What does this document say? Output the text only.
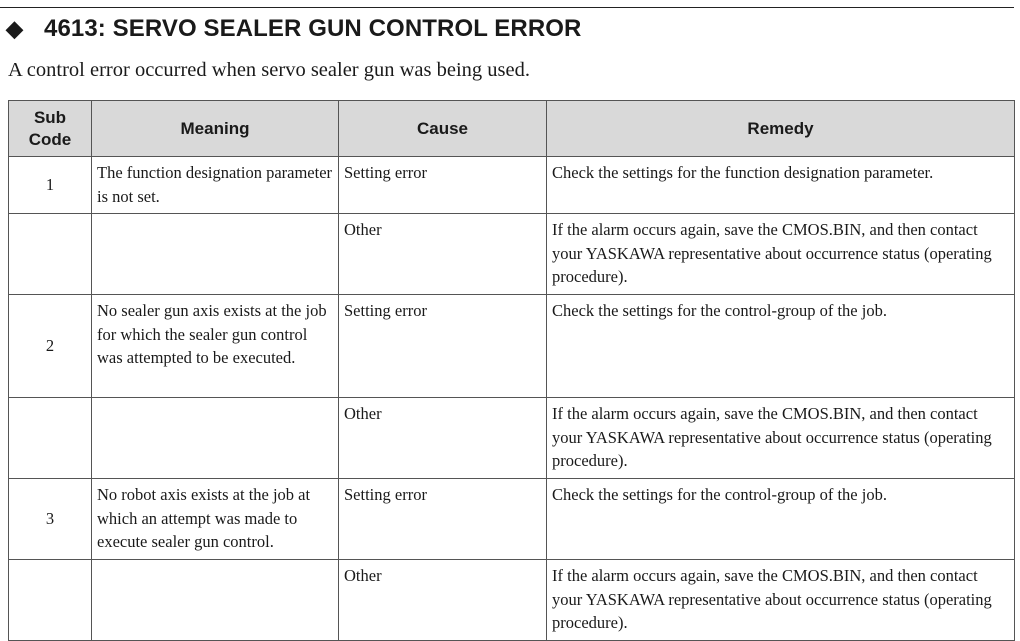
◆ 4613: SERVO SEALER GUN CONTROL ERROR
A control error occurred when servo sealer gun was being used.
Sub
Code	Meaning	Cause	Remedy
1	The function designation parameter is not set.	Setting error	Check the settings for the function designation parameter.
		Other	If the alarm occurs again, save the CMOS.BIN, and then contact your YASKAWA representative about occurrence status (operating procedure).
2	No sealer gun axis exists at the job for which the sealer gun control was attempted to be executed.	Setting error	Check the settings for the control-group of the job.
		Other	If the alarm occurs again, save the CMOS.BIN, and then contact your YASKAWA representative about occurrence status (operating procedure).
3	No robot axis exists at the job at which an attempt was made to execute sealer gun control.	Setting error	Check the settings for the control-group of the job.
		Other	If the alarm occurs again, save the CMOS.BIN, and then contact your YASKAWA representative about occurrence status (operating procedure).
